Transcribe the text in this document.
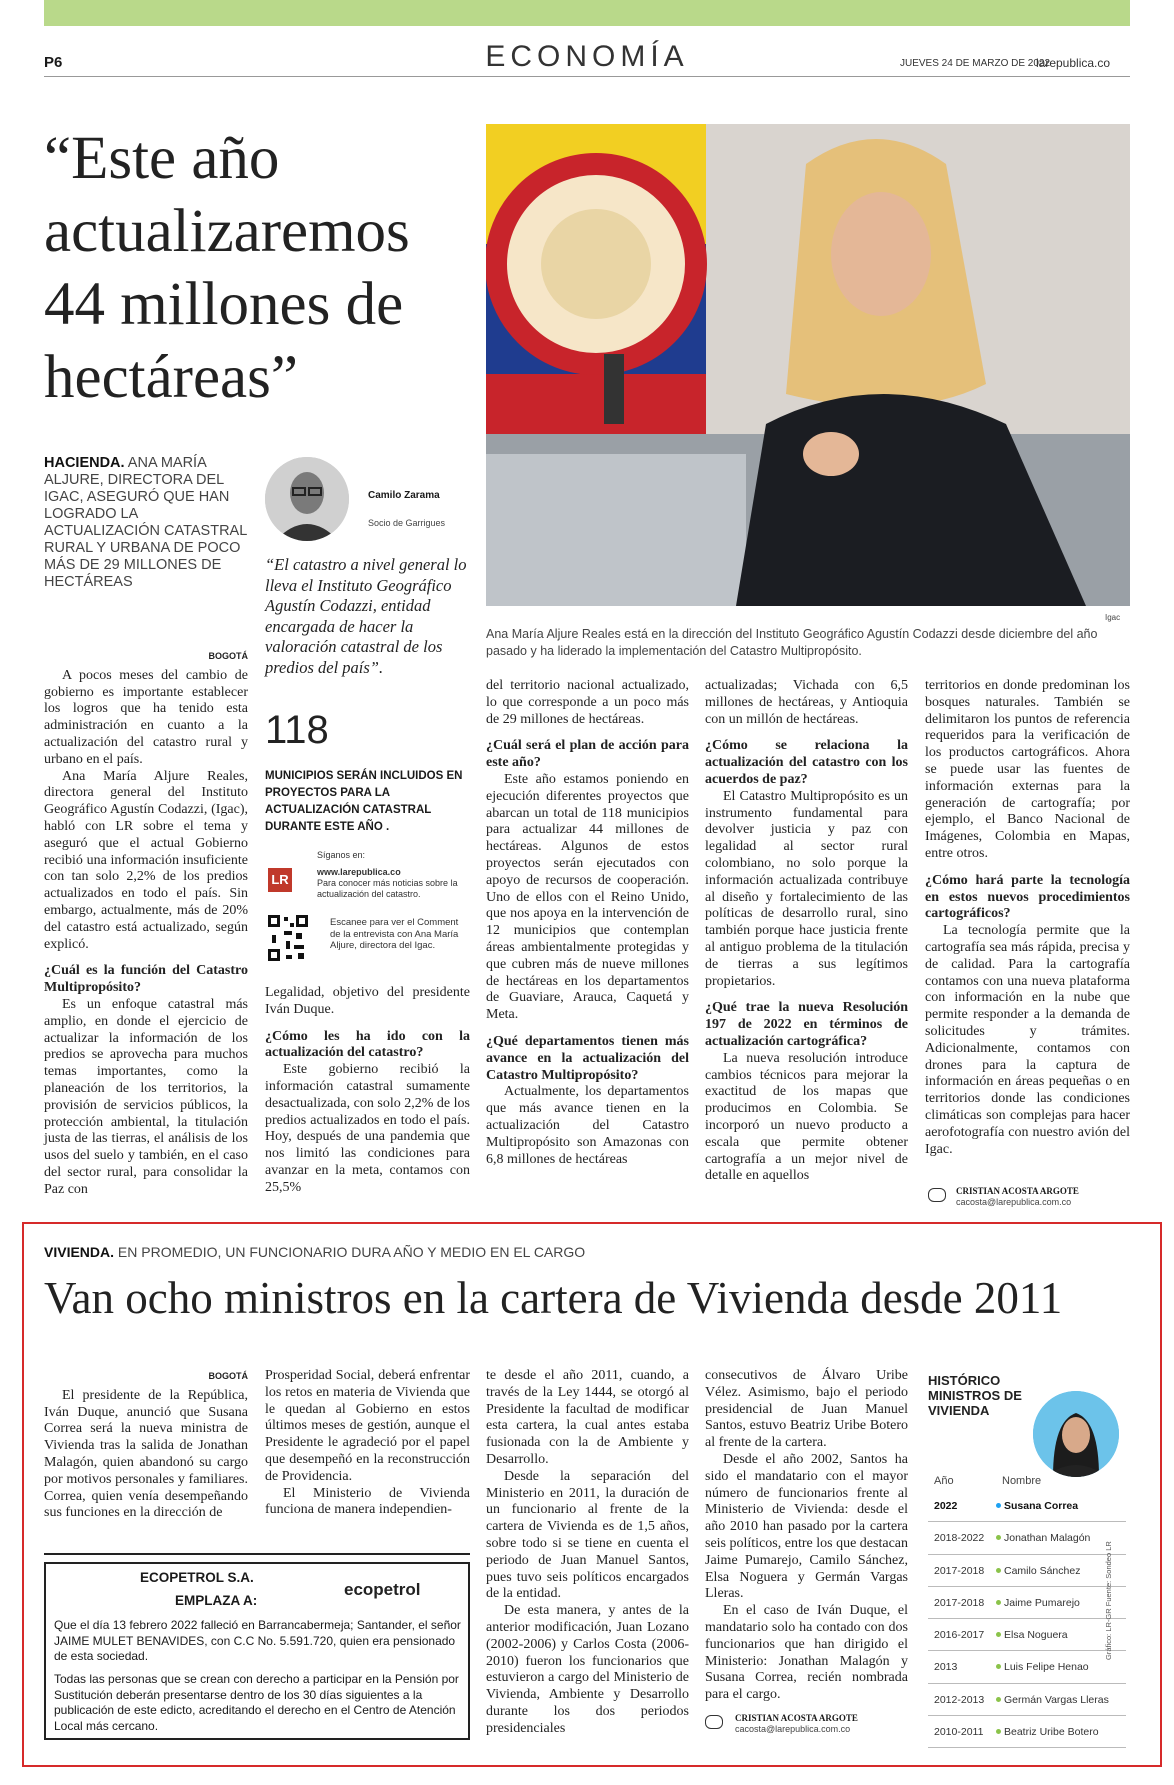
P6	ECONOMÍA	JUEVES 24 DE MARZO DE 2022
larepublica.co
“Este año actualizaremos 44 millones de hectáreas”
HACIENDA. ANA MARÍA ALJURE, DIRECTORA DEL IGAC, ASEGURÓ QUE HAN LOGRADO LA ACTUALIZACIÓN CATASTRAL RURAL Y URBANA DE POCO MÁS DE 29 MILLONES DE HECTÁREAS
Igac
Ana María Aljure Reales está en la dirección del Instituto Geográfico Agustín Codazzi desde diciembre del año pasado y ha liderado la implementación del Catastro Multipropósito.
Camilo Zarama
Socio de Garrigues
“El catastro a nivel general lo lleva el Instituto Geográfico Agustín Codazzi, entidad encargada de hacer la valoración catastral de los predios del país”.
118
MUNICIPIOS SERÁN INCLUIDOS EN PROYECTOS PARA LA ACTUALIZACIÓN CATASTRAL DURANTE ESTE AÑO .
LR
Síganos en:
www.larepublica.co
Para conocer más noticias sobre la actualización del catastro.
Escanee para ver el Comment de la entrevista con Ana María Aljure, directora del Igac.
BOGOTÁ

A pocos meses del cambio de gobierno es importante establecer los logros que ha tenido esta administración en cuanto a la actualización del catastro rural y urbano en el país.

Ana María Aljure Reales, directora general del Instituto Geográfico Agustín Codazzi, (Igac), habló con LR sobre el tema y aseguró que el actual Gobierno recibió una información insuficiente con tan solo 2,2% de los predios actualizados en todo el país. Sin embargo, actualmente, más de 20% del catastro está actualizado, según explicó.

¿Cuál es la función del Catastro Multipropósito?

Es un enfoque catastral más amplio, en donde el ejercicio de actualizar la información de los predios se aprovecha para muchos temas importantes, como la planeación de los territorios, la provisión de servicios públicos, la protección ambiental, la titulación justa de las tierras, el análisis de los usos del suelo y también, en el caso del sector rural, para consolidar la Paz con

Legalidad, objetivo del presidente Iván Duque.

¿Cómo les ha ido con la actualización del catastro?

Este gobierno recibió la información catastral sumamente desactualizada, con solo 2,2% de los predios actualizados en todo el país. Hoy, después de una pandemia que nos limitó las condiciones para avanzar en la meta, contamos con 25,5%

del territorio nacional actualizado, lo que corresponde a un poco más de 29 millones de hectáreas.

¿Cuál será el plan de acción para este año?

Este año estamos poniendo en ejecución diferentes proyectos que abarcan un total de 118 municipios para actualizar 44 millones de hectáreas. Algunos de estos proyectos serán ejecutados con apoyo de recursos de cooperación. Uno de ellos con el Reino Unido, que nos apoya en la intervención de 12 municipios que contemplan áreas ambientalmente protegidas y que cubren más de nueve millones de hectáreas en los departamentos de Guaviare, Arauca, Caquetá y Meta.

¿Qué departamentos tienen más avance en la actualización del Catastro Multipropósito?

Actualmente, los departamentos que más avance tienen en la actualización del Catastro Multipropósito son Amazonas con 6,8 millones de hectáreas

actualizadas; Vichada con 6,5 millones de hectáreas, y Antioquia con un millón de hectáreas.

¿Cómo se relaciona la actualización del catastro con los acuerdos de paz?

El Catastro Multipropósito es un instrumento fundamental para devolver justicia y paz con legalidad al sector rural colombiano, no solo porque la información actualizada contribuye al diseño y fortalecimiento de las políticas de desarrollo rural, sino también porque hace justicia frente al antiguo problema de la titulación de tierras a sus legítimos propietarios.

¿Qué trae la nueva Resolución 197 de 2022 en términos de actualización cartográfica?

La nueva resolución introduce cambios técnicos para mejorar la exactitud de los mapas que producimos en Colombia. Se incorporó un nuevo producto a escala que permite obtener cartografía a un mejor nivel de detalle en aquellos

territorios en donde predominan los bosques naturales. También se delimitaron los puntos de referencia requeridos para la verificación de los productos cartográficos. Ahora se puede usar las fuentes de información externas para la generación de cartografía; por ejemplo, el Banco Nacional de Imágenes, Colombia en Mapas, entre otros.

¿Cómo hará parte la tecnología en estos nuevos procedimientos cartográficos?

La tecnología permite que la cartografía sea más rápida, precisa y de calidad. Para la cartografía contamos con una nueva plataforma con información en la nube que permite responder a la demanda de solicitudes y trámites. Adicionalmente, contamos con drones para la captura de información en áreas pequeñas o en territorios donde las condiciones climáticas son complejas para hacer aerofotografía con nuestro avión del Igac.

CRISTIAN ACOSTA ARGOTE
cacosta@larepublica.com.co
VIVIENDA. EN PROMEDIO, UN FUNCIONARIO DURA AÑO Y MEDIO EN EL CARGO
Van ocho ministros en la cartera de Vivienda desde 2011
BOGOTÁ

El presidente de la República, Iván Duque, anunció que Susana Correa será la nueva ministra de Vivienda tras la salida de Jonathan Malagón, quien abandonó su cargo por motivos personales y familiares. Correa, quien venía desempeñando sus funciones en la dirección de

Prosperidad Social, deberá enfrentar los retos en materia de Vivienda que le quedan al Gobierno en estos últimos meses de gestión, aunque el Presidente le agradeció por el papel que desempeñó en la reconstrucción de Providencia.

El Ministerio de Vivienda funciona de manera independien-

te desde el año 2011, cuando, a través de la Ley 1444, se otorgó al Presidente la facultad de modificar esta cartera, la cual antes estaba fusionada con la de Ambiente y Desarrollo.

Desde la separación del Ministerio en 2011, la duración de un funcionario al frente de la cartera de Vivienda es de 1,5 años, sobre todo si se tiene en cuenta el periodo de Juan Manuel Santos, pues tuvo seis políticos encargados de la entidad.

De esta manera, y antes de la anterior modificación, Juan Lozano (2002-2006) y Carlos Costa (2006-2010) fueron los funcionarios que estuvieron a cargo del Ministerio de Vivienda, Ambiente y Desarrollo durante los dos periodos presidenciales

consecutivos de Álvaro Uribe Vélez. Asimismo, bajo el periodo presidencial de Juan Manuel Santos, estuvo Beatriz Uribe Botero al frente de la cartera.

Desde el año 2002, Santos ha sido el mandatario con el mayor número de funcionarios frente al Ministerio de Vivienda: desde el año 2010 han pasado por la cartera seis políticos, entre los que destacan Jaime Pumarejo, Camilo Sánchez, Elsa Noguera y Germán Vargas Lleras.

En el caso de Iván Duque, el mandatario solo ha contado con dos funcionarios que han dirigido el Ministerio: Jonathan Malagón y Susana Correa, recién nombrada para el cargo.

CRISTIAN ACOSTA ARGOTE
cacosta@larepublica.com.co
ECOPETROL S.A.
EMPLAZA A:
ecopetrol
Que el día 13 febrero 2022 falleció en Barrancabermeja; Santander, el señor JAIME MULET BENAVIDES, con C.C No. 5.591.720, quien era pensionado de esta sociedad.
Todas las personas que se crean con derecho a participar en la Pensión por Sustitución deberán presentarse dentro de los 30 días siguientes a la publicación de este edicto, acreditando el derecho en el Centro de Atención Local más cercano.
HISTÓRICO MINISTROS DE VIVIENDA
Año	Nombre
2022	Susana Correa
2018-2022 Jonathan Malagón
2017-2018 Camilo Sánchez
2017-2018 Jaime Pumarejo
2016-2017 Elsa Noguera
2013	Luis Felipe Henao
2012-2013 Germán Vargas Lleras
2010-2011 Beatriz Uribe Botero
Gráfico: LR-GR Fuente: Sondeo LR
